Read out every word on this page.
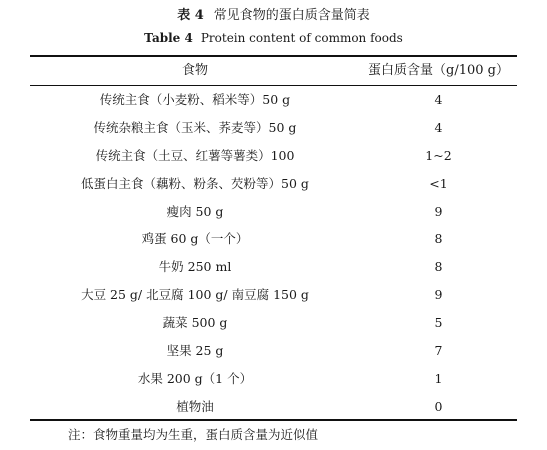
表 4 常见食物的蛋白质含量简表
Table 4 Protein content of common foods
食物	蛋白质含量（g/100 g）
传统主食（小麦粉、稻米等）50 g	4
传统杂粮主食（玉米、荞麦等）50 g	4
传统主食（土豆、红薯等薯类）100	1~2
低蛋白主食（藕粉、粉条、芡粉等）50 g	<1
瘦肉 50 g	9
鸡蛋 60 g（一个）	8
牛奶 250 ml	8
大豆 25 g/ 北豆腐 100 g/ 南豆腐 150 g	9
蔬菜 500 g	5
坚果 25 g	7
水果 200 g（1 个）	1
植物油	0
注：食物重量均为生重，蛋白质含量为近似值
